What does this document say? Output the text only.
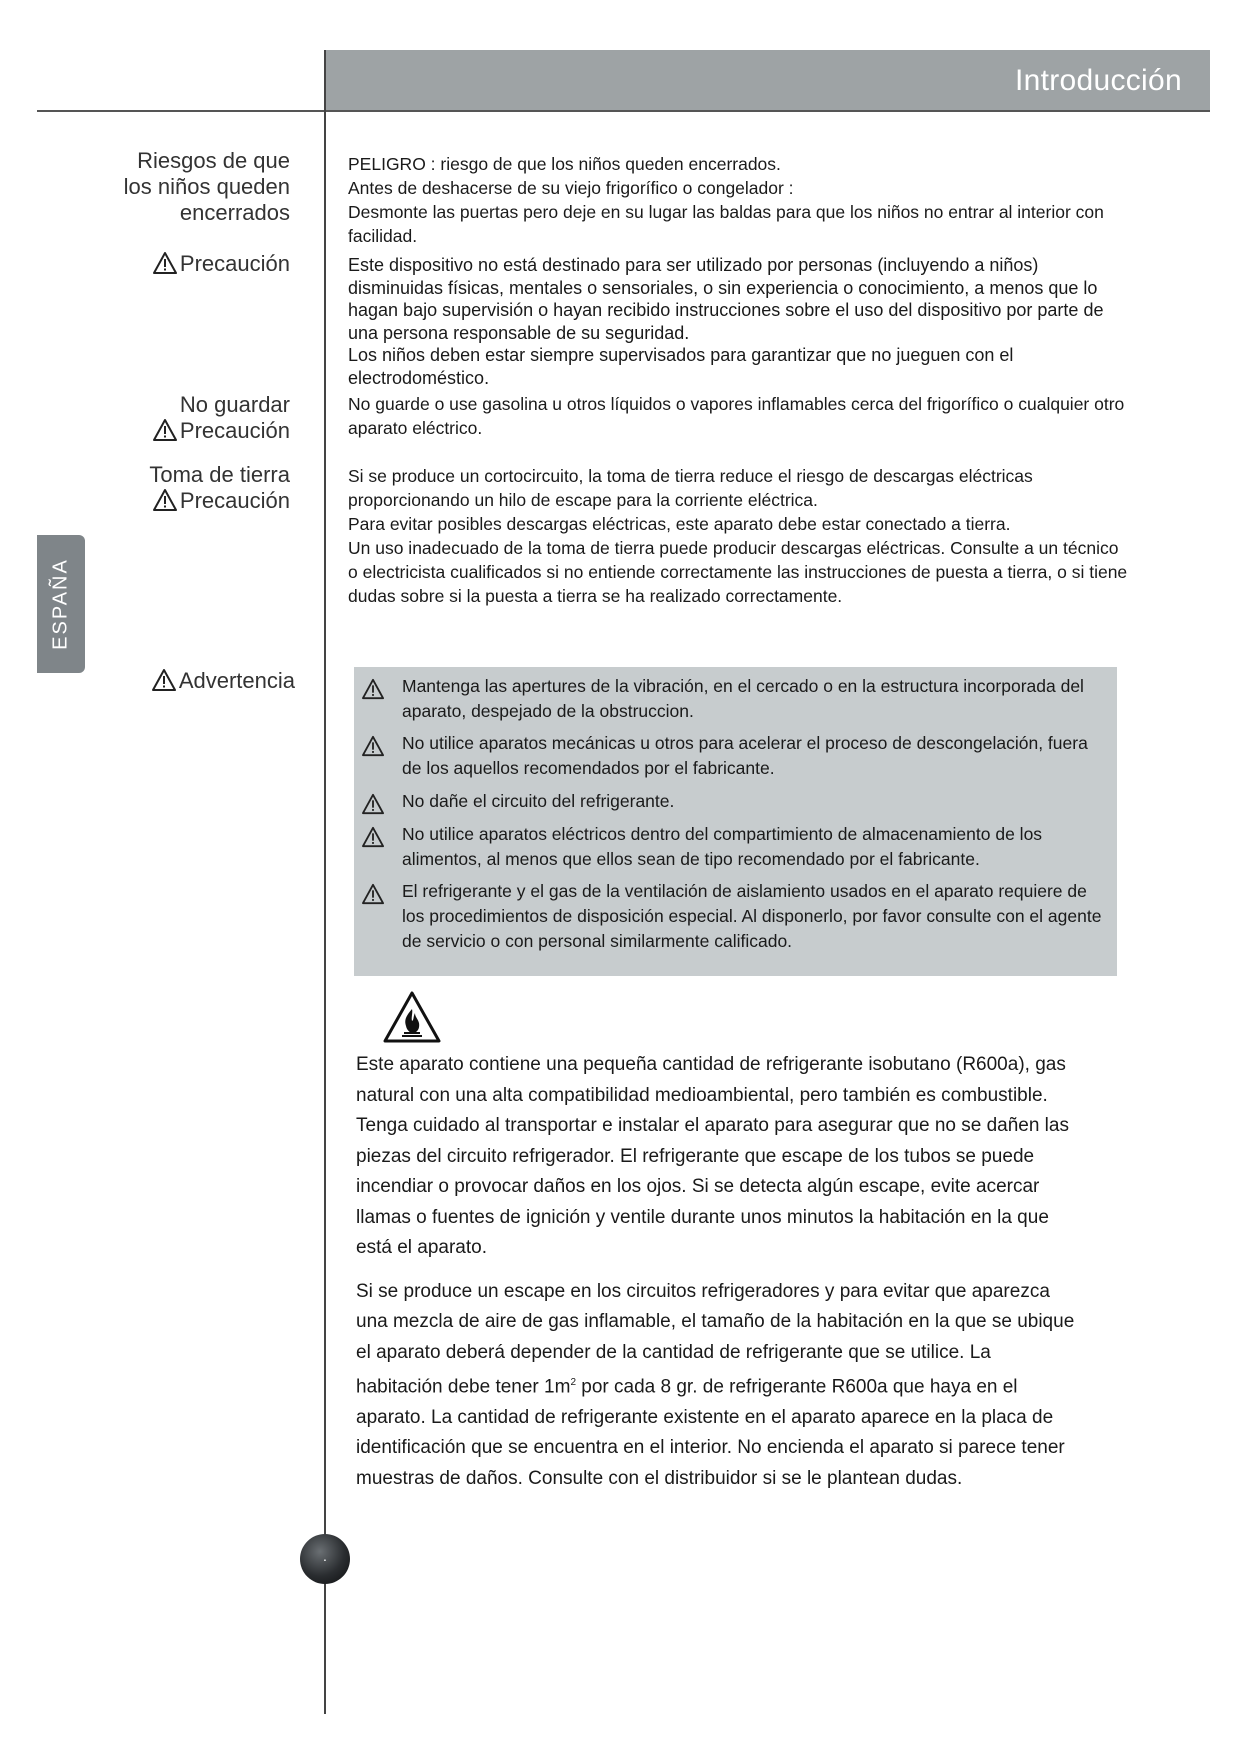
Introducción
ESPAÑA
Riesgos de que
los niños queden
encerrados

PELIGRO : riesgo de que los niños queden encerrados.

Antes de deshacerse de su viejo frigorífico o congelador :

Desmonte las puertas pero deje en su lugar las baldas para que los niños no entrar al interior con facilidad.

Precaución	Este dispositivo no está destinado para ser utilizado por personas (incluyendo a niños) disminuidas físicas, mentales o sensoriales, o sin experiencia o conocimiento, a menos que lo hagan bajo supervisión o hayan recibido instrucciones sobre el uso del dispositivo por parte de una persona responsable de su seguridad.

Los niños deben estar siempre supervisados para garantizar que no jueguen con el electrodoméstico.

No guardar
Precaución

No guarde o use gasolina u otros líquidos o vapores inflamables cerca del frigorífico o cualquier otro aparato eléctrico.

Toma de tierra
Precaución

Si se produce un cortocircuito, la toma de tierra reduce el riesgo de descargas eléctricas proporcionando un hilo de escape para la corriente eléctrica.

Para evitar posibles descargas eléctricas, este aparato debe estar conectado a tierra.

Un uso inadecuado de la toma de tierra puede producir descargas eléctricas. Consulte a un técnico o electricista cualificados si no entiende correctamente las instrucciones de puesta a tierra, o si tiene dudas sobre si la puesta a tierra se ha realizado correctamente.

Advertencia	Mantenga las apertures de la vibración, en el cercado o en la estructura incorporada del aparato, despejado de la obstruccion.
No utilice aparatos mecánicas u otros para acelerar el proceso de descongelación, fuera de los aquellos recomendados por el fabricante.
No dañe el circuito del refrigerante.
No utilice aparatos eléctricos dentro del compartimiento de almacenamiento de los alimentos, al menos que ellos sean de tipo recomendado por el fabricante.
El refrigerante y el gas de la ventilación de aislamiento usados en el aparato requiere de los procedimientos de disposición especial. Al disponerlo, por favor consulte con el agente de servicio o con personal similarmente calificado.

Este aparato contiene una pequeña cantidad de refrigerante isobutano (R600a), gas natural con una alta compatibilidad medioambiental, pero también es combustible. Tenga cuidado al transportar e instalar el aparato para asegurar que no se dañen las piezas del circuito refrigerador. El refrigerante que escape de los tubos se puede incendiar o provocar daños en los ojos. Si se detecta algún escape, evite acercar llamas o fuentes de ignición y ventile durante unos minutos la habitación en la que está el aparato.

Si se produce un escape en los circuitos refrigeradores y para evitar que aparezca una mezcla de aire de gas inflamable, el tamaño de la habitación en la que se ubique el aparato deberá depender de la cantidad de refrigerante que se utilice. La habitación debe tener $1m^2$ por cada 8 gr. de refrigerante R600a que haya en el aparato. La cantidad de refrigerante existente en el aparato aparece en la placa de identificación que se encuentra en el interior. No encienda el aparato si parece tener muestras de daños. Consulte con el distribuidor si se le plantean dudas.

.
